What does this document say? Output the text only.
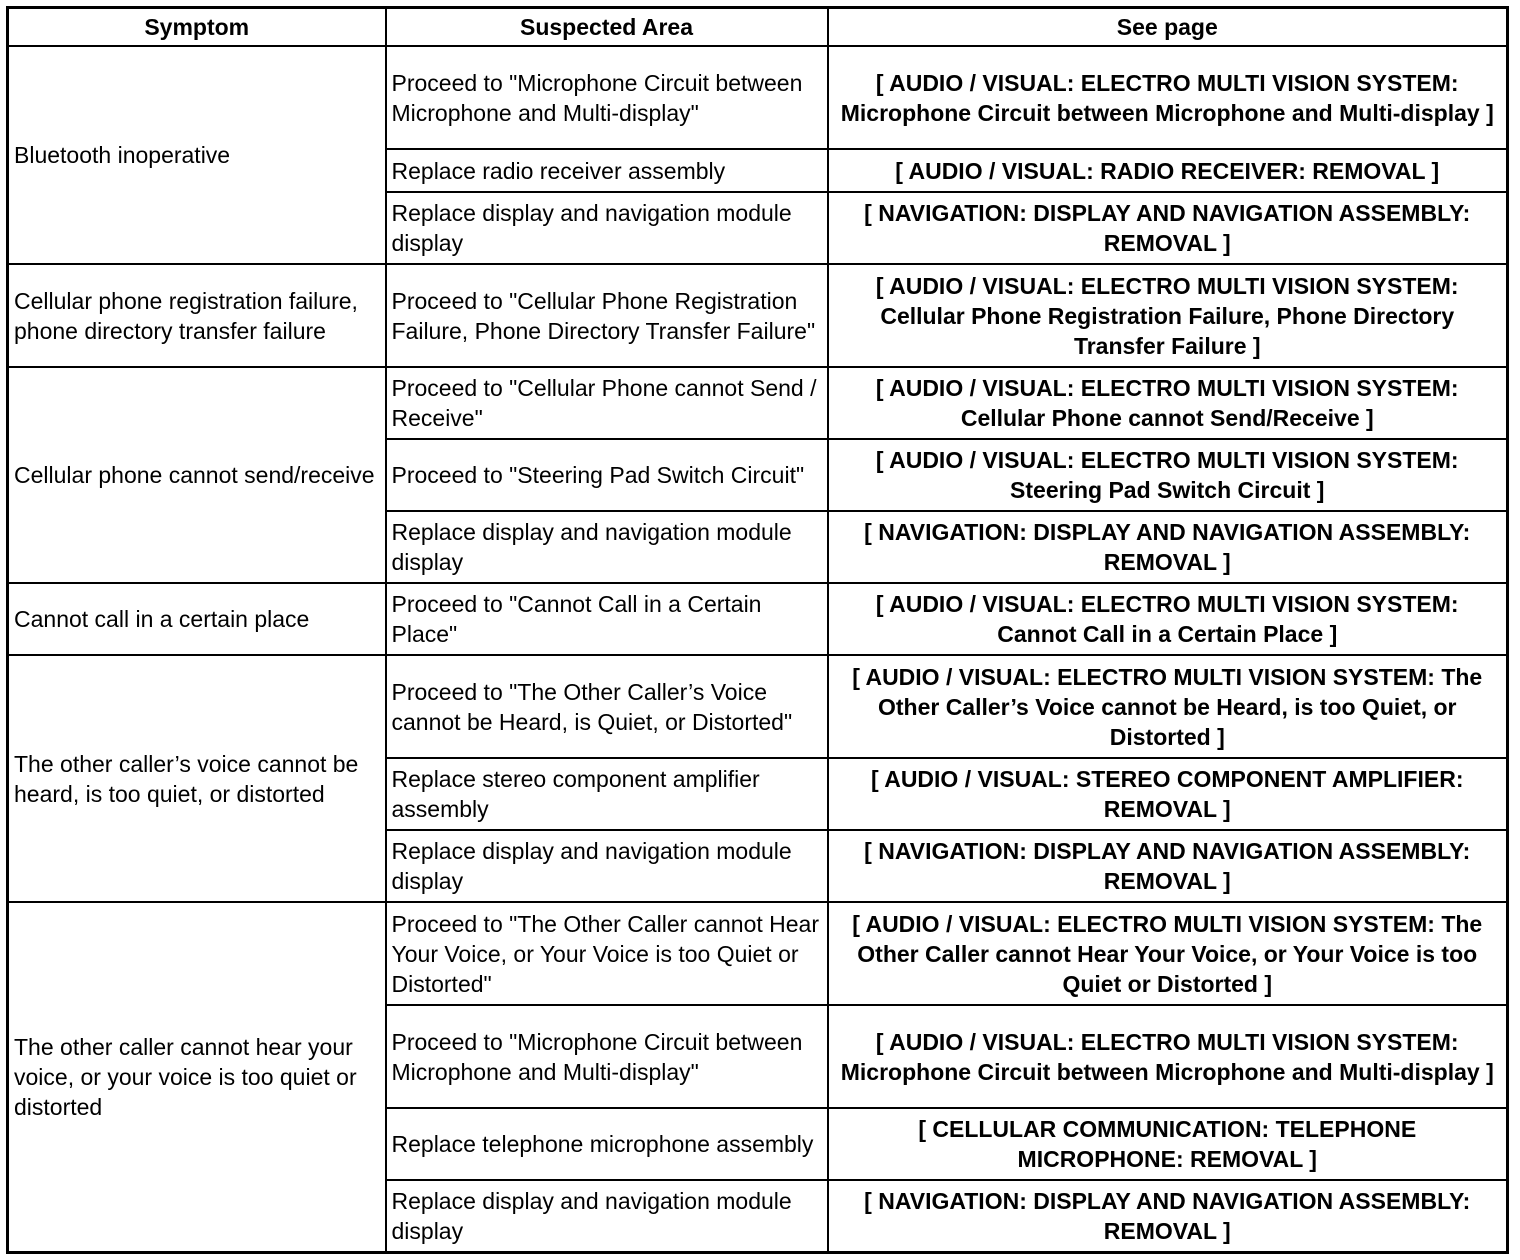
Symptom	Suspected Area	See page
Bluetooth inoperative	Proceed to "Microphone Circuit between Microphone and Multi-display"	[ AUDIO / VISUAL: ELECTRO MULTI VISION SYSTEM: Microphone Circuit between Microphone and Multi-display ]
	Replace radio receiver assembly	[ AUDIO / VISUAL: RADIO RECEIVER: REMOVAL ]
	Replace display and navigation module display	[ NAVIGATION: DISPLAY AND NAVIGATION ASSEMBLY: REMOVAL ]
Cellular phone registration failure, phone directory transfer failure	Proceed to "Cellular Phone Registration Failure, Phone Directory Transfer Failure"	[ AUDIO / VISUAL: ELECTRO MULTI VISION SYSTEM: Cellular Phone Registration Failure, Phone Directory Transfer Failure ]
Cellular phone cannot send/receive	Proceed to "Cellular Phone cannot Send / Receive"	[ AUDIO / VISUAL: ELECTRO MULTI VISION SYSTEM: Cellular Phone cannot Send/Receive ]
	Proceed to "Steering Pad Switch Circuit"	[ AUDIO / VISUAL: ELECTRO MULTI VISION SYSTEM: Steering Pad Switch Circuit ]
	Replace display and navigation module display	[ NAVIGATION: DISPLAY AND NAVIGATION ASSEMBLY: REMOVAL ]
Cannot call in a certain place	Proceed to "Cannot Call in a Certain Place"	[ AUDIO / VISUAL: ELECTRO MULTI VISION SYSTEM: Cannot Call in a Certain Place ]
The other caller’s voice cannot be heard, is too quiet, or distorted	Proceed to "The Other Caller’s Voice cannot be Heard, is Quiet, or Distorted"	[ AUDIO / VISUAL: ELECTRO MULTI VISION SYSTEM: The Other Caller’s Voice cannot be Heard, is too Quiet, or Distorted ]
	Replace stereo component amplifier assembly	[ AUDIO / VISUAL: STEREO COMPONENT AMPLIFIER: REMOVAL ]
	Replace display and navigation module display	[ NAVIGATION: DISPLAY AND NAVIGATION ASSEMBLY: REMOVAL ]
The other caller cannot hear your voice, or your voice is too quiet or distorted	Proceed to "The Other Caller cannot Hear Your Voice, or Your Voice is too Quiet or Distorted"	[ AUDIO / VISUAL: ELECTRO MULTI VISION SYSTEM: The Other Caller cannot Hear Your Voice, or Your Voice is too Quiet or Distorted ]
	Proceed to "Microphone Circuit between Microphone and Multi-display"	[ AUDIO / VISUAL: ELECTRO MULTI VISION SYSTEM: Microphone Circuit between Microphone and Multi-display ]
	Replace telephone microphone assembly	[ CELLULAR COMMUNICATION: TELEPHONE MICROPHONE: REMOVAL ]
	Replace display and navigation module display	[ NAVIGATION: DISPLAY AND NAVIGATION ASSEMBLY: REMOVAL ]
